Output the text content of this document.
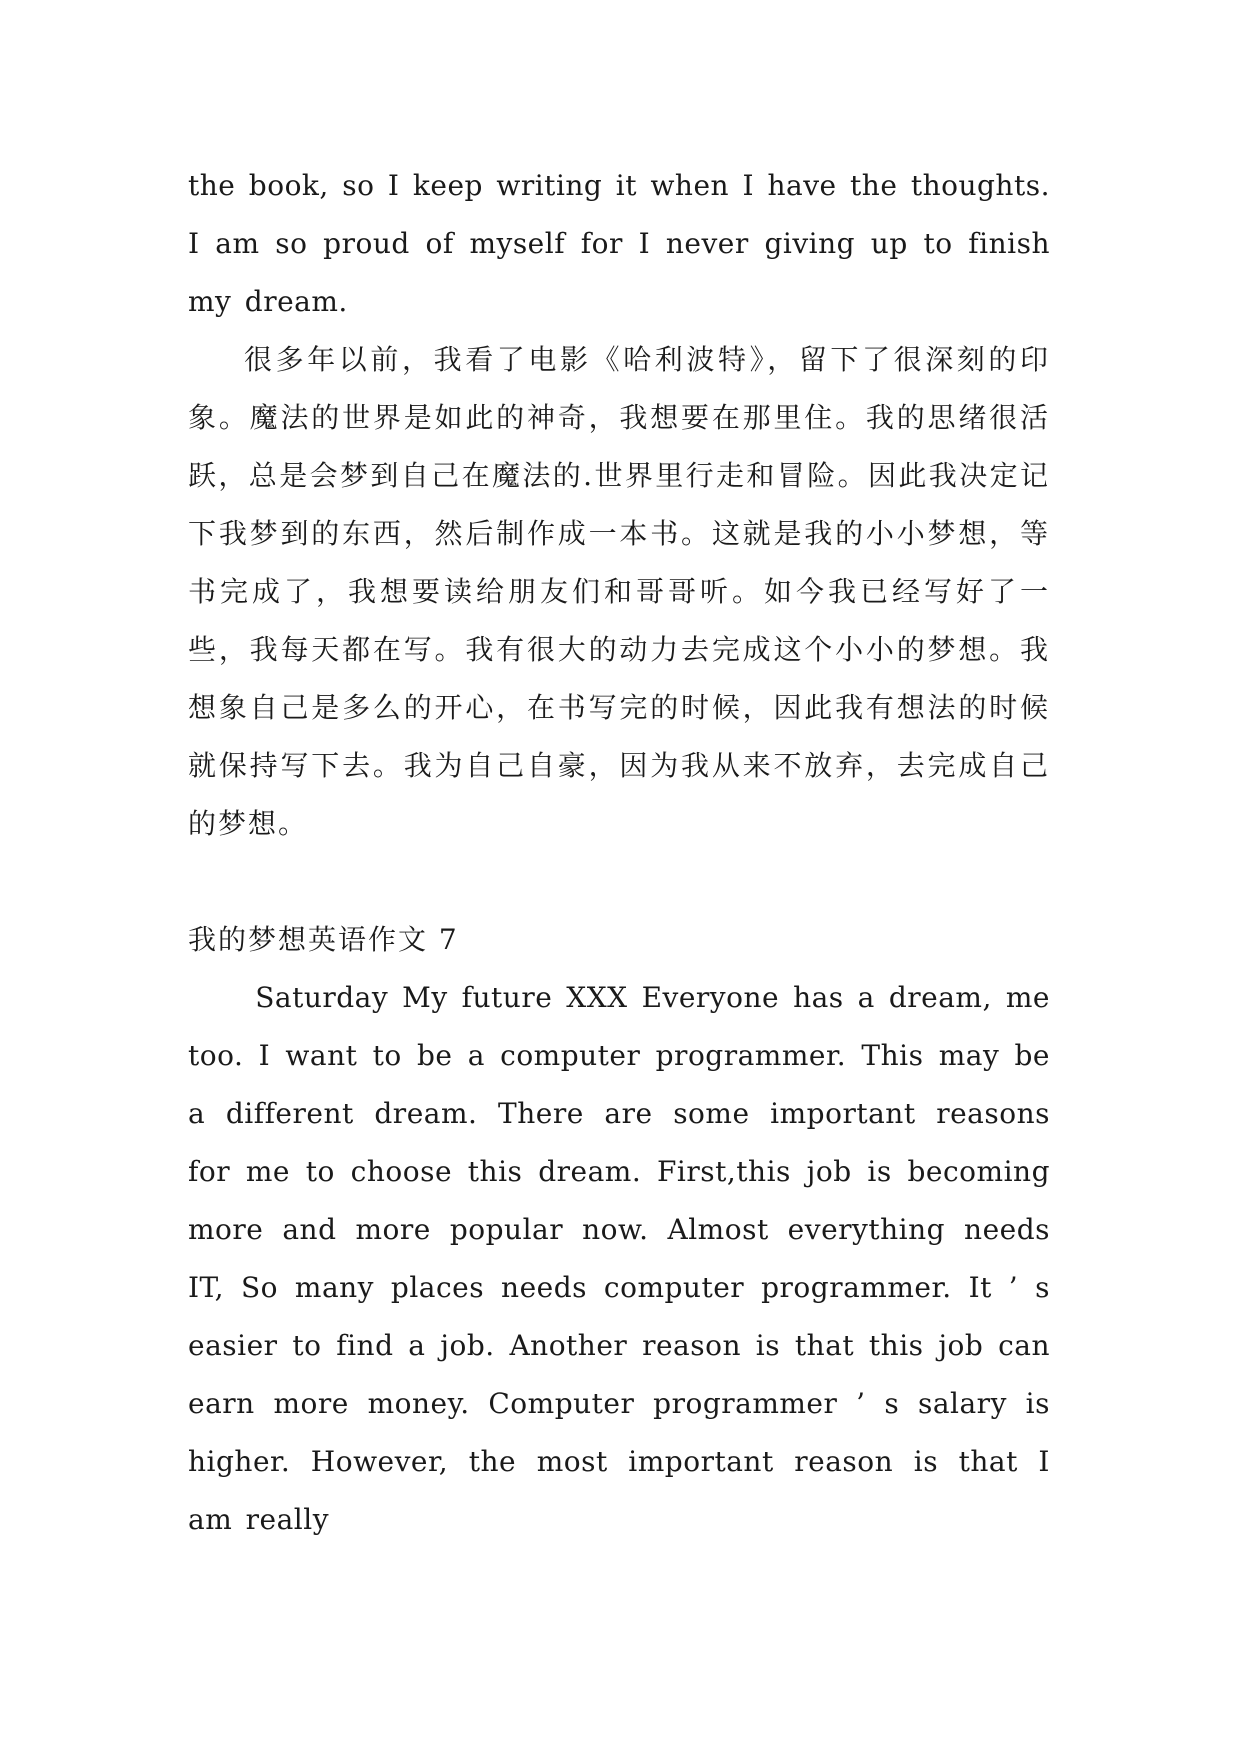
the book, so I keep writing it when I have the thoughts. I am so proud of myself for I never giving up to finish my dream.

很多年以前，我看了电影《哈利波特》，留下了很深刻的印象。魔法的世界是如此的神奇，我想要在那里住。我的思绪很活跃，总是会梦到自己在魔法的.世界里行走和冒险。因此我决定记下我梦到的东西，然后制作成一本书。这就是我的小小梦想，等书完成了，我想要读给朋友们和哥哥听。如今我已经写好了一些，我每天都在写。我有很大的动力去完成这个小小的梦想。我想象自己是多么的开心，在书写完的时候，因此我有想法的时候就保持写下去。我为自己自豪，因为我从来不放弃，去完成自己的梦想。

我的梦想英语作文 7

Saturday My future XXX Everyone has a dream, me too. I want to be a computer programmer. This may be a different dream. There are some important reasons for me to choose this dream. First,this job is becoming more and more popular now. Almost everything needs IT, So many places needs computer programmer. It ’ s easier to find a job. Another reason is that this job can earn more money. Computer programmer ’ s salary is higher. However, the most important reason is that I am really
